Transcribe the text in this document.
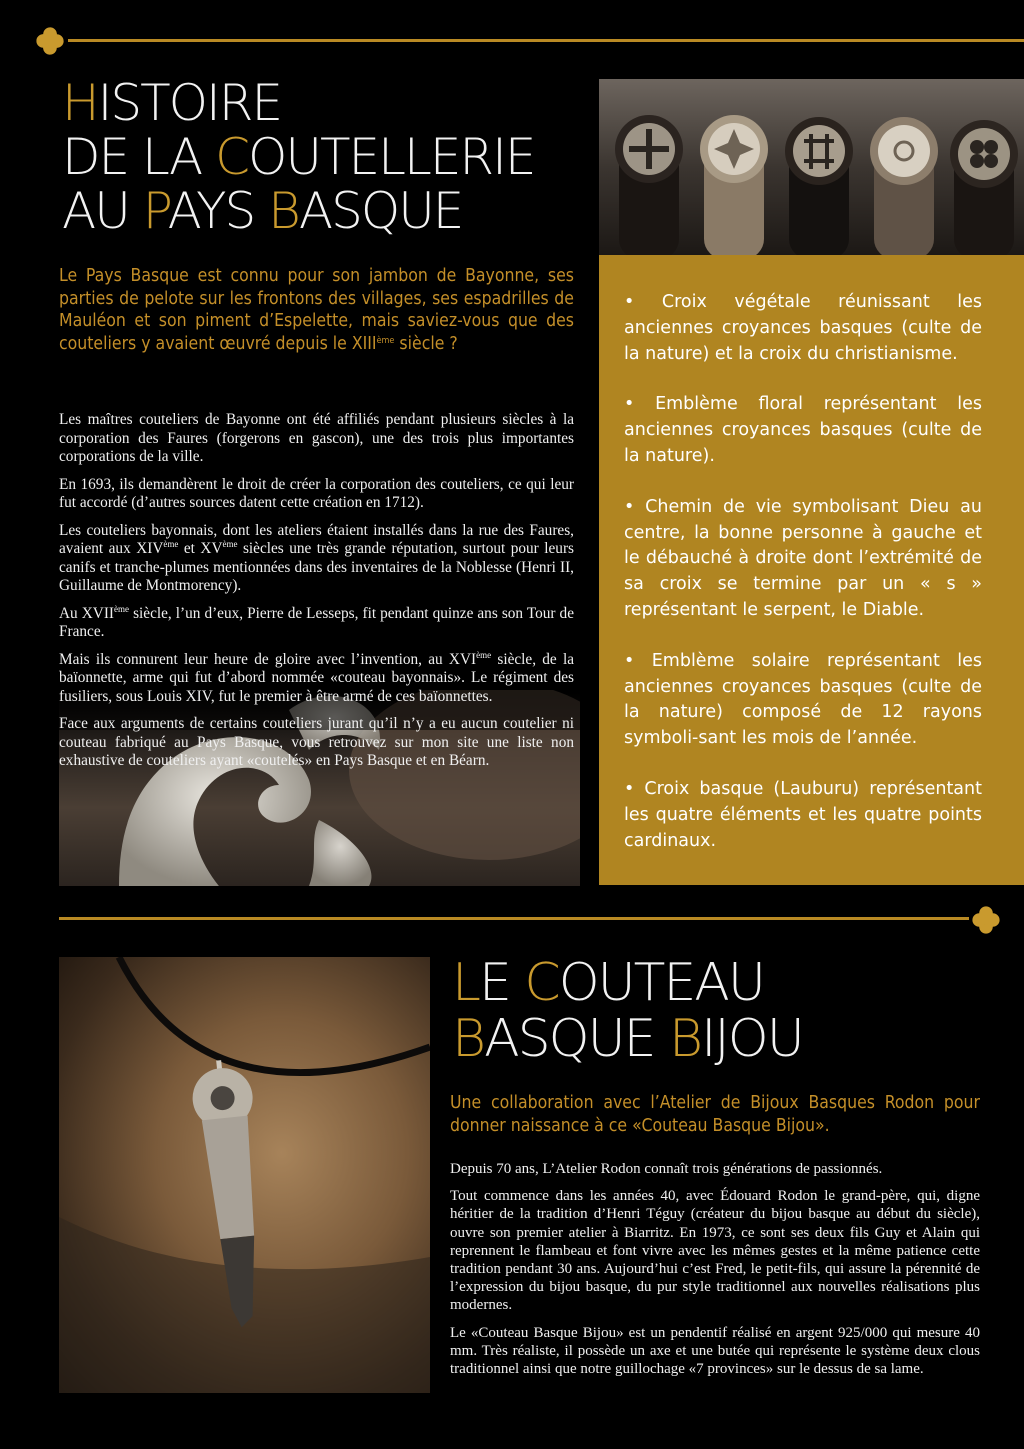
HISTOIRE
DE LA COUTELLERIE
AU PAYS BASQUE
Le Pays Basque est connu pour son jambon de Bayonne, ses parties de pelote sur les frontons des villages, ses espadrilles de Mauléon et son piment d’Espelette, mais saviez-vous que des couteliers y avaient œuvré depuis le XIIIème siècle ?

Les maîtres couteliers de Bayonne ont été affiliés pendant plusieurs siècles à la corporation des Faures (forgerons en gascon), une des trois plus importantes corporations de la ville.

En 1693, ils demandèrent le droit de créer la corporation des couteliers, ce qui leur fut accordé (d’autres sources datent cette création en 1712).

Les couteliers bayonnais, dont les ateliers étaient installés dans la rue des Faures, avaient aux XIVème et XVème siècles une très grande réputation, surtout pour leurs canifs et tranche-plumes mentionnées dans des inventaires de la Noblesse (Henri II, Guillaume de Montmorency).

Au XVIIème siècle, l’un d’eux, Pierre de Lesseps, fit pendant quinze ans son Tour de France.

Mais ils connurent leur heure de gloire avec l’invention, au XVIème siècle, de la baïonnette, arme qui fut d’abord nommée «couteau bayonnais». Le régiment des fusiliers, sous Louis XIV, fut le premier à être armé de ces baïonnettes.

Face aux arguments de certains couteliers jurant qu’il n’y a eu aucun coutelier ni couteau fabriqué au Pays Basque, vous retrouvez sur mon site une liste non exhaustive de couteliers ayant «coutelés» en Pays Basque et en Béarn.

• Croix végétale réunissant les anciennes croyances basques (culte de la nature) et la croix du christianisme.
• Emblème floral représentant les anciennes croyances basques (culte de la nature).
• Chemin de vie symbolisant Dieu au centre, la bonne personne à gauche et le débauché à droite dont l’extrémité de sa croix se termine par un « s » représentant le serpent, le Diable.
• Emblème solaire représentant les anciennes croyances basques (culte de la nature) composé de 12 rayons symboli-sant les mois de l’année.
• Croix basque (Lauburu) représentant les quatre éléments et les quatre points cardinaux.
LE COUTEAU
BASQUE BIJOU
Une collaboration avec l’Atelier de Bijoux Basques Rodon pour donner naissance à ce «Couteau Basque Bijou».

Depuis 70 ans, L’Atelier Rodon connaît trois générations de passionnés.

Tout commence dans les années 40, avec Édouard Rodon le grand-père, qui, digne héritier de la tradition d’Henri Téguy (créateur du bijou basque au début du siècle), ouvre son premier atelier à Biarritz. En 1973, ce sont ses deux fils Guy et Alain qui reprennent le flambeau et font vivre avec les mêmes gestes et la même patience cette tradition pendant 30 ans. Aujourd’hui c’est Fred, le petit-fils, qui assure la pérennité de l’expression du bijou basque, du pur style traditionnel aux nouvelles réalisations plus modernes.

Le «Couteau Basque Bijou» est un pendentif réalisé en argent 925/000 qui mesure 40 mm. Très réaliste, il possède un axe et une butée qui représente le système deux clous traditionnel ainsi que notre guillochage «7 provinces» sur le dessus de sa lame.
